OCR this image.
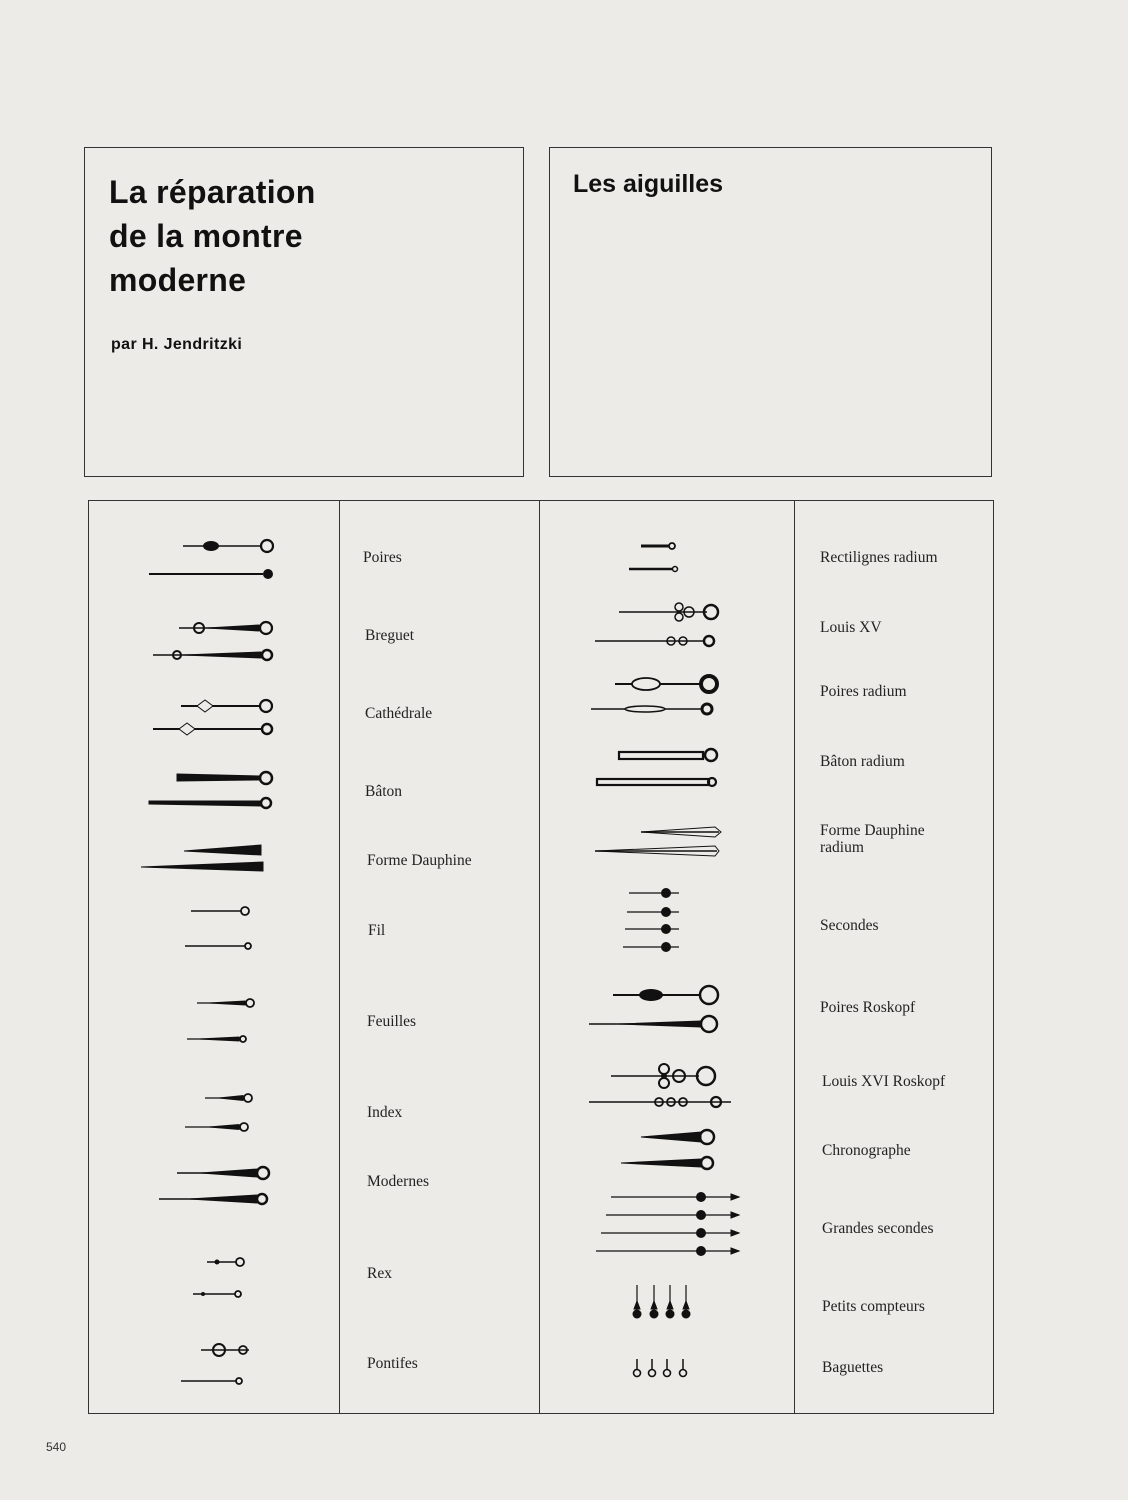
La réparation
de la montre
moderne
par H. Jendritzki
Les aiguilles
Poires
Breguet
Cathédrale
Bâton
Forme Dauphine
Fil
Feuilles
Index
Modernes
Rex
Pontifes
Rectilignes radium
Louis XV
Poires radium
Bâton radium
Forme Dauphine radium
Secondes
Poires Roskopf
Louis XVI Roskopf
Chronographe
Grandes secondes
Petits compteurs
Baguettes
540
